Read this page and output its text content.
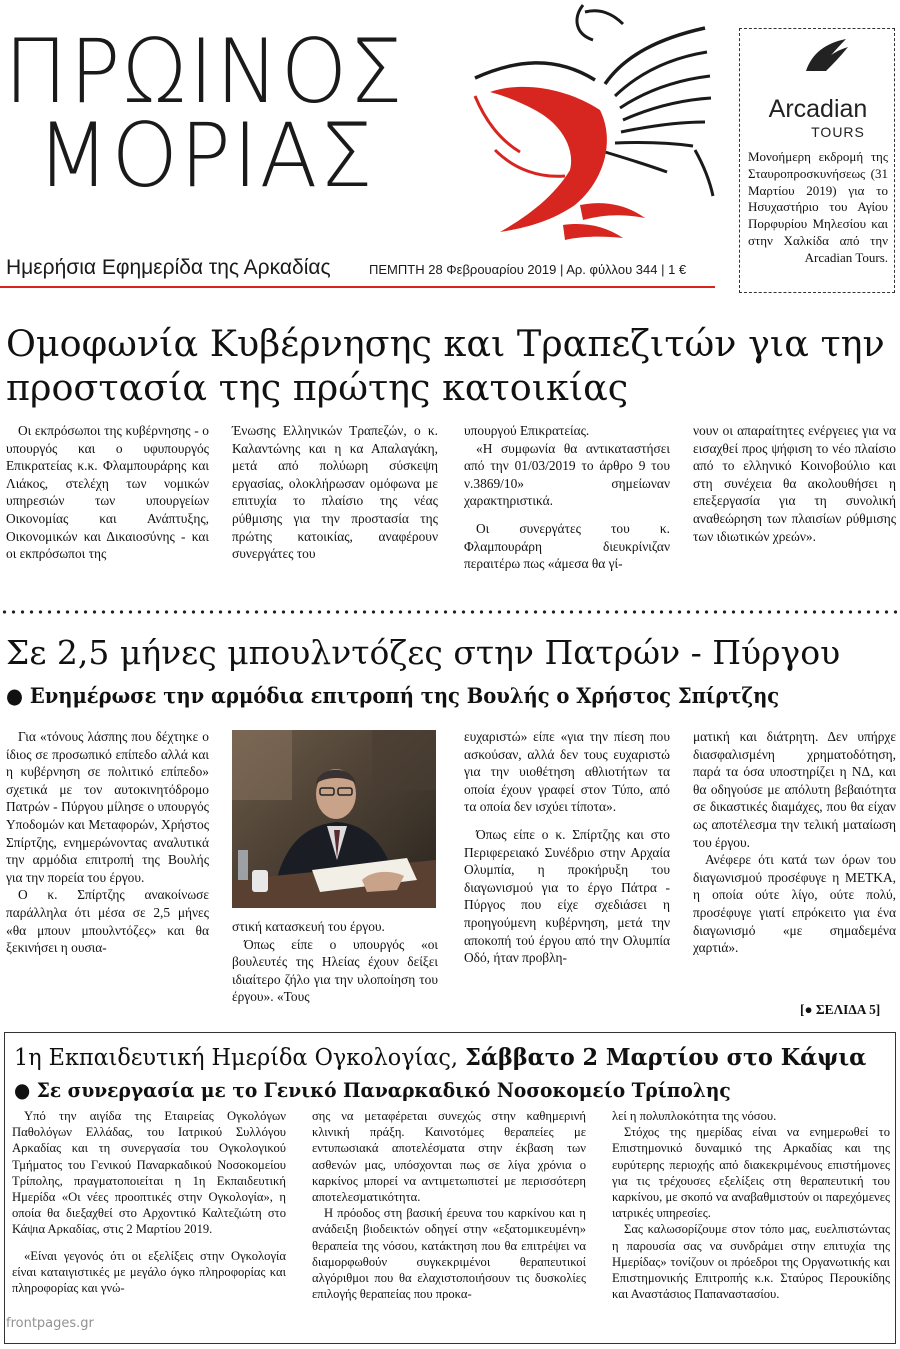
ΠΡΩΙΝΟΣ
ΜΟΡΙΑΣ
Ημερήσια Εφημερίδα της Αρκαδίας	ΠΕΜΠΤΗ 28 Φεβρουαρίου 2019 | Αρ. φύλλου 344 | 1 €
Arcadian
TOURS
Μονοήμερη εκδρομή της Σταυροπροσκυνήσεως (31 Μαρτίου 2019) για το Ησυχαστήριο του Αγίου Πορφυρίου Μηλεσίου και στην Χαλκίδα από την Arcadian Tours.
Ομοφωνία Κυβέρνησης και Τραπεζιτών για την
προστασία της πρώτης κατοικίας

Οι εκπρόσωποι της κυβέρνησης - ο υπουργός και ο υφυπουργός Επικρατείας κ.κ. Φλαμπουράρης και Λιάκος, στελέχη των νομικών υπηρεσιών των υπουργείων Οικονομίας και Ανάπτυξης, Οικονομικών και Δικαιοσύνης - και οι εκπρόσωποι της

Ένωσης Ελληνικών Τραπεζών, ο κ. Καλαντώνης και η κα Απαλαγάκη, μετά από πολύωρη σύσκεψη εργασίας, ολοκλήρωσαν ομόφωνα με επιτυχία το πλαίσιο της νέας ρύθμισης για την προστασία της πρώτης κατοικίας, αναφέρουν συνεργάτες του

υπουργού Επικρατείας.

«Η συμφωνία θα αντικαταστήσει από την 01/03/2019 το άρθρο 9 του ν.3869/10» σημείωναν χαρακτηριστικά.

Οι συνεργάτες του κ. Φλαμπουράρη διευκρίνιζαν περαιτέρω πως «άμεσα θα γί-

νουν οι απαραίτητες ενέργειες για να εισαχθεί προς ψήφιση το νέο πλαίσιο από το ελληνικό Κοινοβούλιο και στη συνέχεια θα ακολουθήσει η επεξεργασία για τη συνολική αναθεώρηση των πλαισίων ρύθμισης των ιδιωτικών χρεών».

Σε 2,5 μήνες μπουλντόζες στην Πατρών - Πύργου
● Ενημέρωσε την αρμόδια επιτροπή της Βουλής ο Χρήστος Σπίρτζης

Για «τόνους λάσπης που δέχτηκε ο ίδιος σε προσωπικό επίπεδο αλλά και η κυβέρνηση σε πολιτικό επίπεδο» σχετικά με τον αυτοκινητόδρομο Πατρών - Πύργου μίλησε ο υπουργός Υποδομών και Μεταφορών, Χρήστος Σπίρτζης, ενημερώνοντας αναλυτικά την αρμόδια επιτροπή της Βουλής για την πορεία του έργου.

Ο κ. Σπίρτζης ανακοίνωσε παράλληλα ότι μέσα σε 2,5 μήνες «θα μπουν μπουλντόζες» και θα ξεκινήσει η ουσια-

στική κατασκευή του έργου.

Όπως είπε ο υπουργός «οι βουλευτές της Ηλείας έχουν δείξει ιδιαίτερο ζήλο για την υλοποίηση του έργου». «Τους

ευχαριστώ» είπε «για την πίεση που ασκούσαν, αλλά δεν τους ευχαριστώ για την υιοθέτηση αθλιοτήτων τα οποία έχουν γραφεί στον Τύπο, από τα οποία δεν ισχύει τίποτα».

Όπως είπε ο κ. Σπίρτζης και στο Περιφερειακό Συνέδριο στην Αρχαία Ολυμπία, η προκήρυξη του διαγωνισμού για το έργο Πάτρα - Πύργος που είχε σχεδιάσει η προηγούμενη κυβέρνηση, μετά την αποκοπή τού έργου από την Ολυμπία Οδό, ήταν προβλη-

ματική και διάτρητη. Δεν υπήρχε διασφαλισμένη χρηματοδότηση, παρά τα όσα υποστηρίζει η ΝΔ, και θα οδηγούσε με απόλυτη βεβαιότητα σε δικαστικές διαμάχες, που θα είχαν ως αποτέλεσμα την τελική ματαίωση του έργου.

Ανέφερε ότι κατά των όρων του διαγωνισμού προσέφυγε η ΜΕΤΚΑ, η οποία ούτε λίγο, ούτε πολύ, προσέφυγε γιατί επρόκειτο για ένα διαγωνισμό «με σημαδεμένα χαρτιά».

[● ΣΕΛΙΔΑ 5]
1η Εκπαιδευτική Ημερίδα Ογκολογίας, Σάββατο 2 Μαρτίου στο Κάψια
● Σε συνεργασία με το Γενικό Παναρκαδικό Νοσοκομείο Τρίπολης

Υπό την αιγίδα της Εταιρείας Ογκολόγων Παθολόγων Ελλάδας, του Ιατρικού Συλλόγου Αρκαδίας και τη συνεργασία του Ογκολογικού Τμήματος του Γενικού Παναρκαδικού Νοσοκομείου Τρίπολης, πραγματοποιείται η 1η Εκπαιδευτική Ημερίδα «Οι νέες προοπτικές στην Ογκολογία», η οποία θα διεξαχθεί στο Αρχοντικό Καλτεζιώτη στο Κάψια Αρκαδίας, στις 2 Μαρτίου 2019.

«Είναι γεγονός ότι οι εξελίξεις στην Ογκολογία είναι καταιγιστικές με μεγάλο όγκο πληροφορίας και πληροφορίας και γνώ-

σης να μεταφέρεται συνεχώς στην καθημερινή κλινική πράξη. Καινοτόμες θεραπείες με εντυπωσιακά αποτελέσματα στην έκβαση των ασθενών μας, υπόσχονται πως σε λίγα χρόνια ο καρκίνος μπορεί να αντιμετωπιστεί με περισσότερη αποτελεσματικότητα.

Η πρόοδος στη βασική έρευνα του καρκίνου και η ανάδειξη βιοδεικτών οδηγεί στην «εξατομικευμένη» θεραπεία της νόσου, κατάκτηση που θα επιτρέψει να διαμορφωθούν συγκεκριμένοι θεραπευτικοί αλγόριθμοι που θα ελαχιστοποιήσουν τις δυσκολίες επιλογής θεραπείας που προκα-

λεί η πολυπλοκότητα της νόσου.

Στόχος της ημερίδας είναι να ενημερωθεί το Επιστημονικό δυναμικό της Αρκαδίας και της ευρύτερης περιοχής από διακεκριμένους επιστήμονες για τις τρέχουσες εξελίξεις στη θεραπευτική του καρκίνου, με σκοπό να αναβαθμιστούν οι παρεχόμενες ιατρικές υπηρεσίες.

Σας καλωσορίζουμε στον τόπο μας, ευελπιστώντας η παρουσία σας να συνδράμει στην επιτυχία της Ημερίδας» τονίζουν οι πρόεδροι της Οργανωτικής και Επιστημονικής Επιτροπής κ.κ. Σταύρος Περουκίδης και Αναστάσιος Παπαναστασίου.

frontpages.gr
